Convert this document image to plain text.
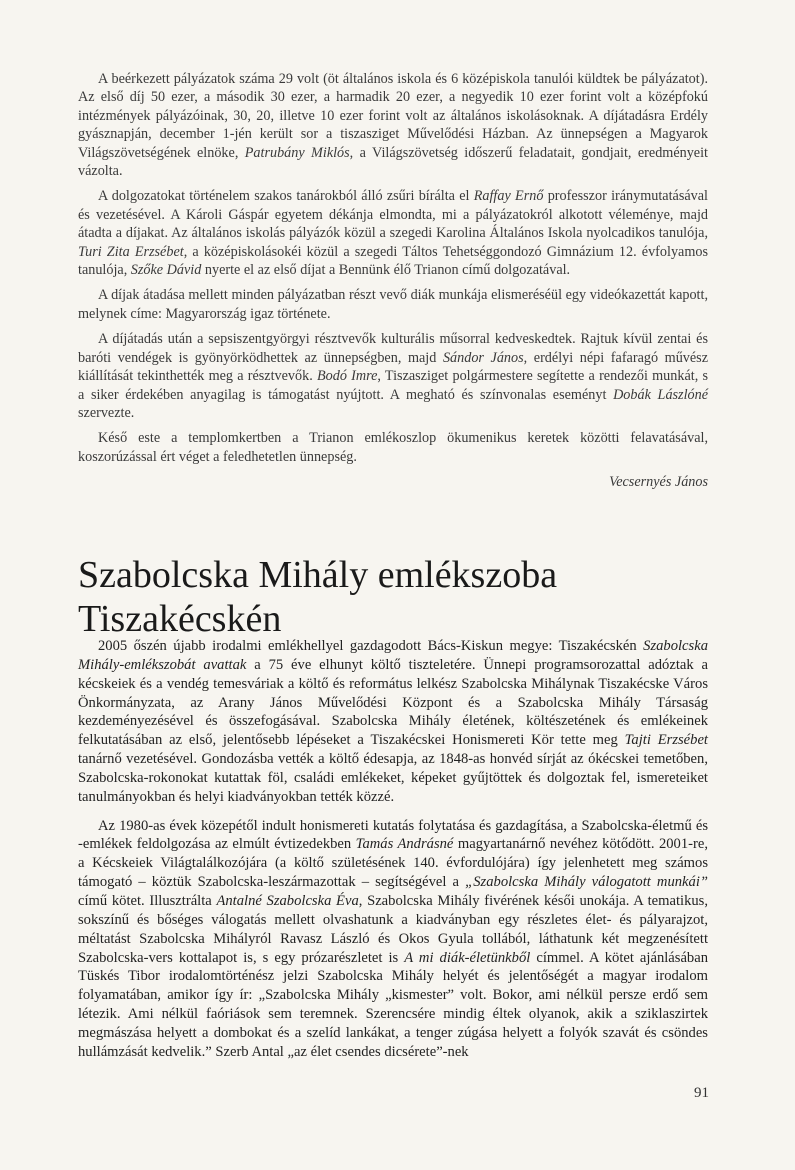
A beérkezett pályázatok száma 29 volt (öt általános iskola és 6 középiskola tanulói küldtek be pályázatot). Az első díj 50 ezer, a második 30 ezer, a harmadik 20 ezer, a negyedik 10 ezer forint volt a középfokú intézmények pályázóinak, 30, 20, illetve 10 ezer forint volt az általános iskolásoknak. A díjátadásra Erdély gyásznapján, december 1-jén került sor a tiszasziget Művelődési Házban. Az ünnepségen a Magyarok Világszövetségének elnöke, Patrubány Miklós, a Világszövetség időszerű feladatait, gondjait, eredményeit vázolta.

A dolgozatokat történelem szakos tanárokból álló zsűri bírálta el Raffay Ernő professzor iránymutatásával és vezetésével. A Károli Gáspár egyetem dékánja elmondta, mi a pályázatokról alkotott véleménye, majd átadta a díjakat. Az általános iskolás pályázók közül a szegedi Karolina Általános Iskola nyolcadikos tanulója, Turi Zita Erzsébet, a középiskolásokéi közül a szegedi Táltos Tehetséggondozó Gimnázium 12. évfolyamos tanulója, Szőke Dávid nyerte el az első díjat a Bennünk élő Trianon című dolgozatával.

A díjak átadása mellett minden pályázatban részt vevő diák munkája elismeréséül egy videókazettát kapott, melynek címe: Magyarország igaz története.

A díjátadás után a sepsiszentgyörgyi résztvevők kulturális műsorral kedveskedtek. Rajtuk kívül zentai és baróti vendégek is gyönyörködhettek az ünnepségben, majd Sándor János, erdélyi népi fafaragó művész kiállítását tekinthették meg a résztvevők. Bodó Imre, Tiszasziget polgármestere segítette a rendezői munkát, s a siker érdekében anyagilag is támogatást nyújtott. A megható és színvonalas eseményt Dobák Lászlóné szervezte.

Késő este a templomkertben a Trianon emlékoszlop ökumenikus keretek közötti felavatásával, koszorúzással ért véget a feledhetetlen ünnepség.

Vecsernyés János

Szabolcska Mihály emlékszoba Tiszakécskén

2005 őszén újabb irodalmi emlékhellyel gazdagodott Bács-Kiskun megye: Tiszakécskén Szabolcska Mihály-emlékszobát avattak a 75 éve elhunyt költő tiszteletére. Ünnepi programsorozattal adóztak a kécskeiek és a vendég temesváriak a költő és református lelkész Szabolcska Mihálynak Tiszakécske Város Önkormányzata, az Arany János Művelődési Központ és a Szabolcska Mihály Társaság kezdeményezésével és összefogásával. Szabolcska Mihály életének, költészetének és emlékeinek felkutatásában az első, jelentősebb lépéseket a Tiszakécskei Honismereti Kör tette meg Tajti Erzsébet tanárnő vezetésével. Gondozásba vették a költő édesapja, az 1848-as honvéd sírját az ókécskei temetőben, Szabolcska-rokonokat kutattak föl, családi emlékeket, képeket gyűjtöttek és dolgoztak fel, ismereteiket tanulmányokban és helyi kiadványokban tették közzé.

Az 1980-as évek közepétől indult honismereti kutatás folytatása és gazdagítása, a Szabolcska-életmű és -emlékek feldolgozása az elmúlt évtizedekben Tamás Andrásné magyartanárnő nevéhez kötődött. 2001-re, a Kécskeiek Világtalálkozójára (a költő születésének 140. évfordulójára) így jelenhetett meg számos támogató – köztük Szabolcska-leszármazottak – segítségével a „Szabolcska Mihály válogatott munkái” című kötet. Illusztrálta Antalné Szabolcska Éva, Szabolcska Mihály fivérének késői unokája. A tematikus, sokszínű és bőséges válogatás mellett olvashatunk a kiadványban egy részletes élet- és pályarajzot, méltatást Szabolcska Mihályról Ravasz László és Okos Gyula tollából, láthatunk két megzenésített Szabolcska-vers kottalapot is, s egy prózarészletet is A mi diák-életünkből címmel. A kötet ajánlásában Tüskés Tibor irodalomtörténész jelzi Szabolcska Mihály helyét és jelentőségét a magyar irodalom folyamatában, amikor így ír: „Szabolcska Mihály „kismester” volt. Bokor, ami nélkül persze erdő sem létezik. Ami nélkül faóriások sem teremnek. Szerencsére mindig éltek olyanok, akik a sziklaszirtek megmászása helyett a dombokat és a szelíd lankákat, a tenger zúgása helyett a folyók szavát és csöndes hullámzását kedvelik.” Szerb Antal „az élet csendes dicsérete”-nek

91
